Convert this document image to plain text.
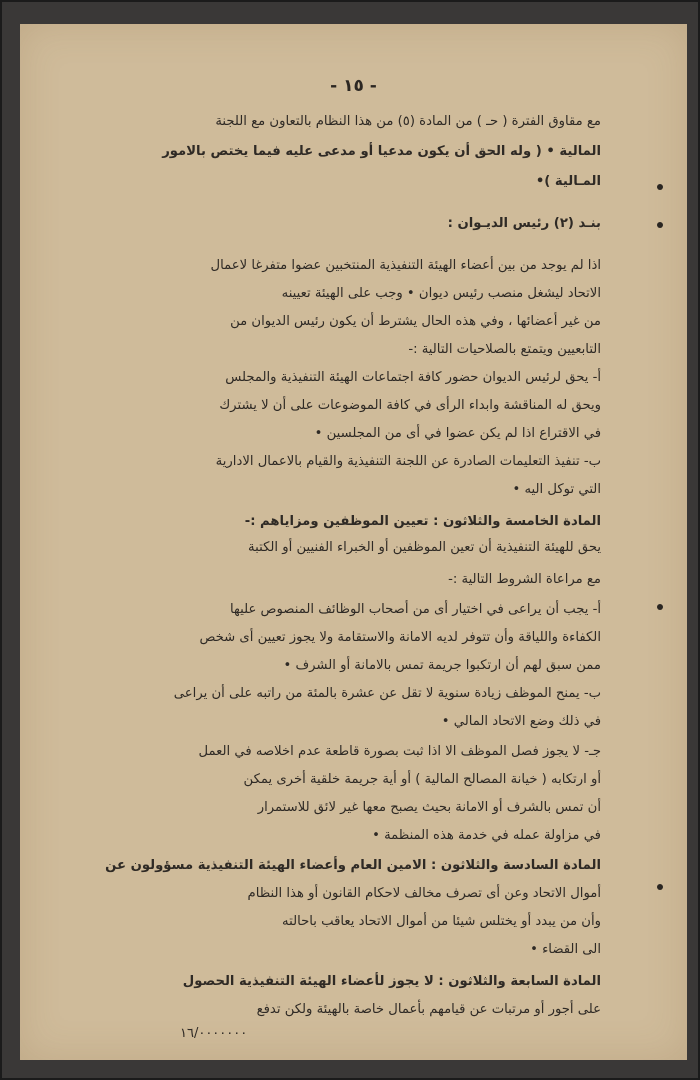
- ١٥ -
مع مقاوق الفترة ( حـ ) من المادة (٥) من هذا النظام بالتعاون مع اللجنة
المالية • ( وله الحق أن يكون مدعيا أو مدعى عليه فيما يختص بالامور
المـالية )•
بنـد (٢) رئيس الديـوان :
اذا لم يوجد من بين أعضاء الهيئة التنفيذية المنتخبين عضوا متفرغا لاعمال
الاتحاد ليشغل منصب رئيس ديوان • وجب على الهيئة تعيينه
من غير أعضائها ، وفي هذه الحال يشترط أن يكون رئيس الديوان من
التابعيين ويتمتع بالصلاحيات التالية :-
أ- يحق لرئيس الديوان حضور كافة اجتماعات الهيئة التنفيذية والمجلس
ويحق له المناقشة وابداء الرأى في كافة الموضوعات على أن لا يشترك
في الاقتراع اذا لم يكن عضوا في أى من المجلسين •
ب- تنفيذ التعليمات الصادرة عن اللجنة التنفيذية والقيام بالاعمال الادارية
التي توكل اليه •
المادة الخامسة والثلاثون : تعيين الموظفين ومزاياهم :-
يحق للهيئة التنفيذية أن تعين الموظفين أو الخبراء الفنيين أو الكتبة
مع مراعاة الشروط التالية :-
أ- يجب أن يراعى في اختيار أى من أصحاب الوظائف المنصوص عليها
الكفاءة واللياقة وأن تتوفر لديه الامانة والاستقامة ولا يجوز تعيين أى شخص
ممن سبق لهم أن ارتكبوا جريمة تمس بالامانة أو الشرف •
ب- يمنح الموظف زيادة سنوية لا تقل عن عشرة بالمئة من راتبه على أن يراعى
في ذلك وضع الاتحاد المالي •
جـ- لا يجوز فصل الموظف الا اذا ثبت بصورة قاطعة عدم اخلاصه في العمل
أو ارتكابه ( خيانة المصالح المالية ) أو أية جريمة خلقية أخرى يمكن
أن تمس بالشرف أو الامانة بحيث يصبح معها غير لائق للاستمرار
في مزاولة عمله في خدمة هذه المنظمة •
المادة السادسة والثلاثون : الامين العام وأعضاء الهيئة التنفيذية مسؤولون عن
أموال الاتحاد وعن أى تصرف مخالف لاحكام القانون أو هذا النظام
وأن من يبدد أو يختلس شيئا من أموال الاتحاد يعاقب باحالته
الى القضاء •
المادة السابعة والثلاثون : لا يجوز لأعضاء الهيئة التنفيذية الحصول
على أجور أو مرتبات عن قيامهم بأعمال خاصة بالهيئة ولكن تدفع
١٦/٠٠٠٠٠٠٠
